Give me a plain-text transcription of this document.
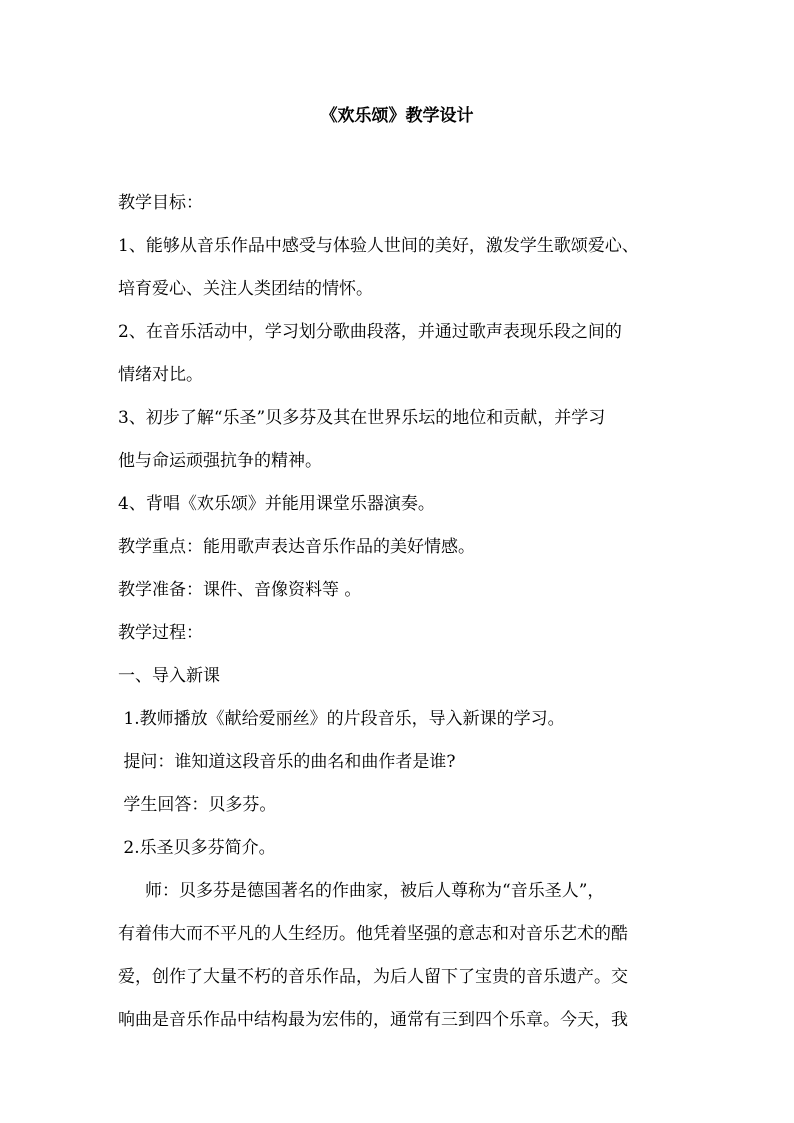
《欢乐颂》教学设计
教学目标：
1、能够从音乐作品中感受与体验人世间的美好，激发学生歌颂爱心、
培育爱心、关注人类团结的情怀。
2、在音乐活动中，学习划分歌曲段落，并通过歌声表现乐段之间的
情绪对比。
3、初步了解“乐圣”贝多芬及其在世界乐坛的地位和贡献，并学习
他与命运顽强抗争的精神。
4、背唱《欢乐颂》并能用课堂乐器演奏。
教学重点：能用歌声表达音乐作品的美好情感。
教学准备：课件、音像资料等 。
教学过程：
一、导入新课
1.教师播放《献给爱丽丝》的片段音乐，导入新课的学习。
提问：谁知道这段音乐的曲名和曲作者是谁?
学生回答：贝多芬。
2.乐圣贝多芬简介。
师：贝多芬是德国著名的作曲家，被后人尊称为“音乐圣人”，
有着伟大而不平凡的人生经历。他凭着坚强的意志和对音乐艺术的酷
爱，创作了大量不朽的音乐作品，为后人留下了宝贵的音乐遗产。交
响曲是音乐作品中结构最为宏伟的，通常有三到四个乐章。今天，我
